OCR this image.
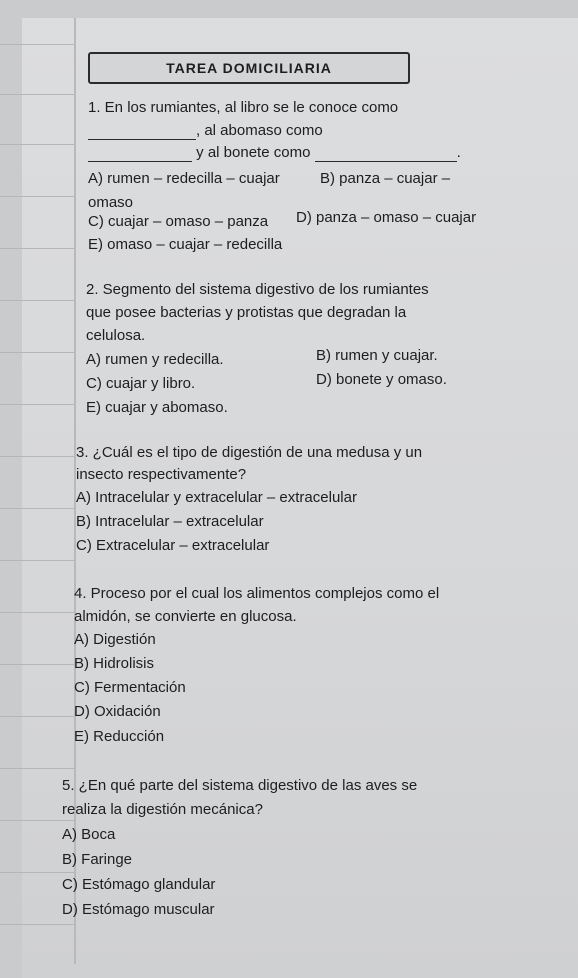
TAREA DOMICILIARIA
1. En los rumiantes, al libro se le conoce como
, al abomaso como
y al bonete como	.
A) rumen – redecilla – cuajar	B) panza – cuajar –
omaso
C) cuajar – omaso – panza D) panza – omaso – cuajar
E) omaso – cuajar – redecilla
2. Segmento del sistema digestivo de los rumiantes
que posee bacterias y protistas que degradan la
celulosa.
A) rumen y redecilla.	B) rumen y cuajar.
C) cuajar y libro.	D) bonete y omaso.
E) cuajar y abomaso.
3. ¿Cuál es el tipo de digestión de una medusa y un
insecto respectivamente?
A) Intracelular y extracelular – extracelular
B) Intracelular – extracelular
C) Extracelular – extracelular
4. Proceso por el cual los alimentos complejos como el
almidón, se convierte en glucosa.
A) Digestión
B) Hidrolisis
C) Fermentación
D) Oxidación
E) Reducción
5. ¿En qué parte del sistema digestivo de las aves se
realiza la digestión mecánica?
A) Boca
B) Faringe
C) Estómago glandular
D) Estómago muscular
